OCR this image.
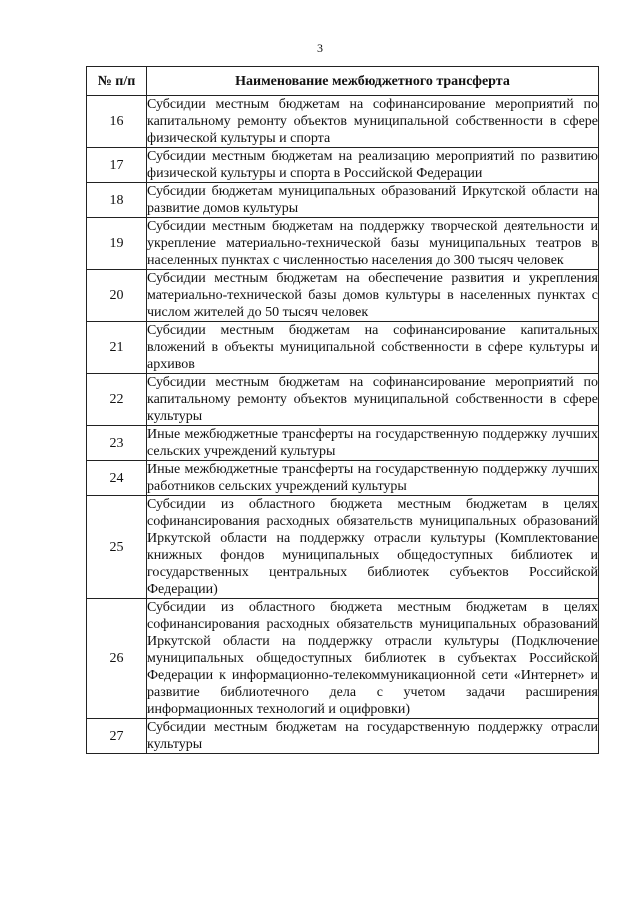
3
№ п/п	Наименование межбюджетного трансферта
16	Субсидии местным бюджетам на софинансирование мероприятий по капитальному ремонту объектов муниципальной собственности в сфере физической культуры и спорта
17	Субсидии местным бюджетам на реализацию мероприятий по развитию физической культуры и спорта в Российской Федерации
18	Субсидии бюджетам муниципальных образований Иркутской области на развитие домов культуры
19	Субсидии местным бюджетам на поддержку творческой деятельности и укрепление материально-технической базы муниципальных театров в населенных пунктах с численностью населения до 300 тысяч человек
20	Субсидии местным бюджетам на обеспечение развития и укрепления материально-технической базы домов культуры в населенных пунктах с числом жителей до 50 тысяч человек
21	Субсидии местным бюджетам на софинансирование капитальных вложений в объекты муниципальной собственности в сфере культуры и архивов
22	Субсидии местным бюджетам на софинансирование мероприятий по капитальному ремонту объектов муниципальной собственности в сфере культуры
23	Иные межбюджетные трансферты на государственную поддержку лучших сельских учреждений культуры
24	Иные межбюджетные трансферты на государственную поддержку лучших работников сельских учреждений культуры
25	Субсидии из областного бюджета местным бюджетам в целях софинансирования расходных обязательств муниципальных образований Иркутской области на поддержку отрасли культуры (Комплектование книжных фондов муниципальных общедоступных библиотек и государственных центральных библиотек субъектов Российской Федерации)
26	Субсидии из областного бюджета местным бюджетам в целях софинансирования расходных обязательств муниципальных образований Иркутской области на поддержку отрасли культуры (Подключение муниципальных общедоступных библиотек в субъектах Российской Федерации к информационно-телекоммуникационной сети «Интернет» и развитие библиотечного дела с учетом задачи расширения информационных технологий и оцифровки)
27	Субсидии местным бюджетам на государственную поддержку отрасли культуры
